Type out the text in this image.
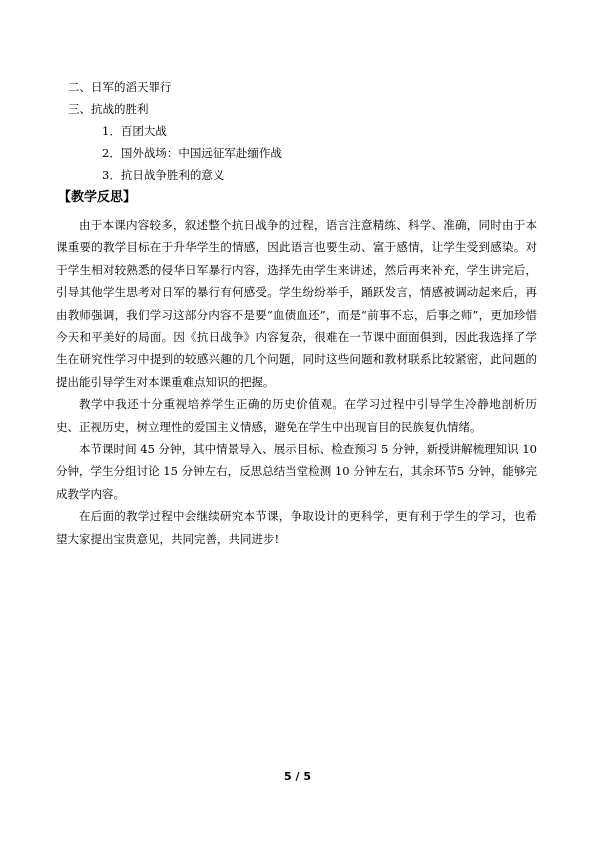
二、日军的滔天罪行
三、抗战的胜利
1．百团大战
2．国外战场：中国远征军赴缅作战
3．抗日战争胜利的意义
【教学反思】

由于本课内容较多，叙述整个抗日战争的过程，语言注意精练、科学、准确，同时由于本课重要的教学目标在于升华学生的情感，因此语言也要生动、富于感情，让学生受到感染。对于学生相对较熟悉的侵华日军暴行内容，选择先由学生来讲述，然后再来补充，学生讲完后，引导其他学生思考对日军的暴行有何感受。学生纷纷举手，踊跃发言，情感被调动起来后，再由教师强调，我们学习这部分内容不是要“血债血还”，而是“前事不忘，后事之师”，更加珍惜今天和平美好的局面。因《抗日战争》内容复杂，很难在一节课中面面俱到，因此我选择了学生在研究性学习中提到的较感兴趣的几个问题，同时这些问题和教材联系比较紧密，此问题的提出能引导学生对本课重难点知识的把握。

教学中我还十分重视培养学生正确的历史价值观。在学习过程中引导学生冷静地剖析历史、正视历史，树立理性的爱国主义情感，避免在学生中出现盲目的民族复仇情绪。

本节课时间 45 分钟，其中情景导入、展示目标、检查预习 5 分钟，新授讲解梳理知识 10 分钟，学生分组讨论 15 分钟左右，反思总结当堂检测 10 分钟左右，其余环节5 分钟，能够完成教学内容。

在后面的教学过程中会继续研究本节课，争取设计的更科学，更有利于学生的学习，也希望大家提出宝贵意见，共同完善，共同进步!

5 / 5
